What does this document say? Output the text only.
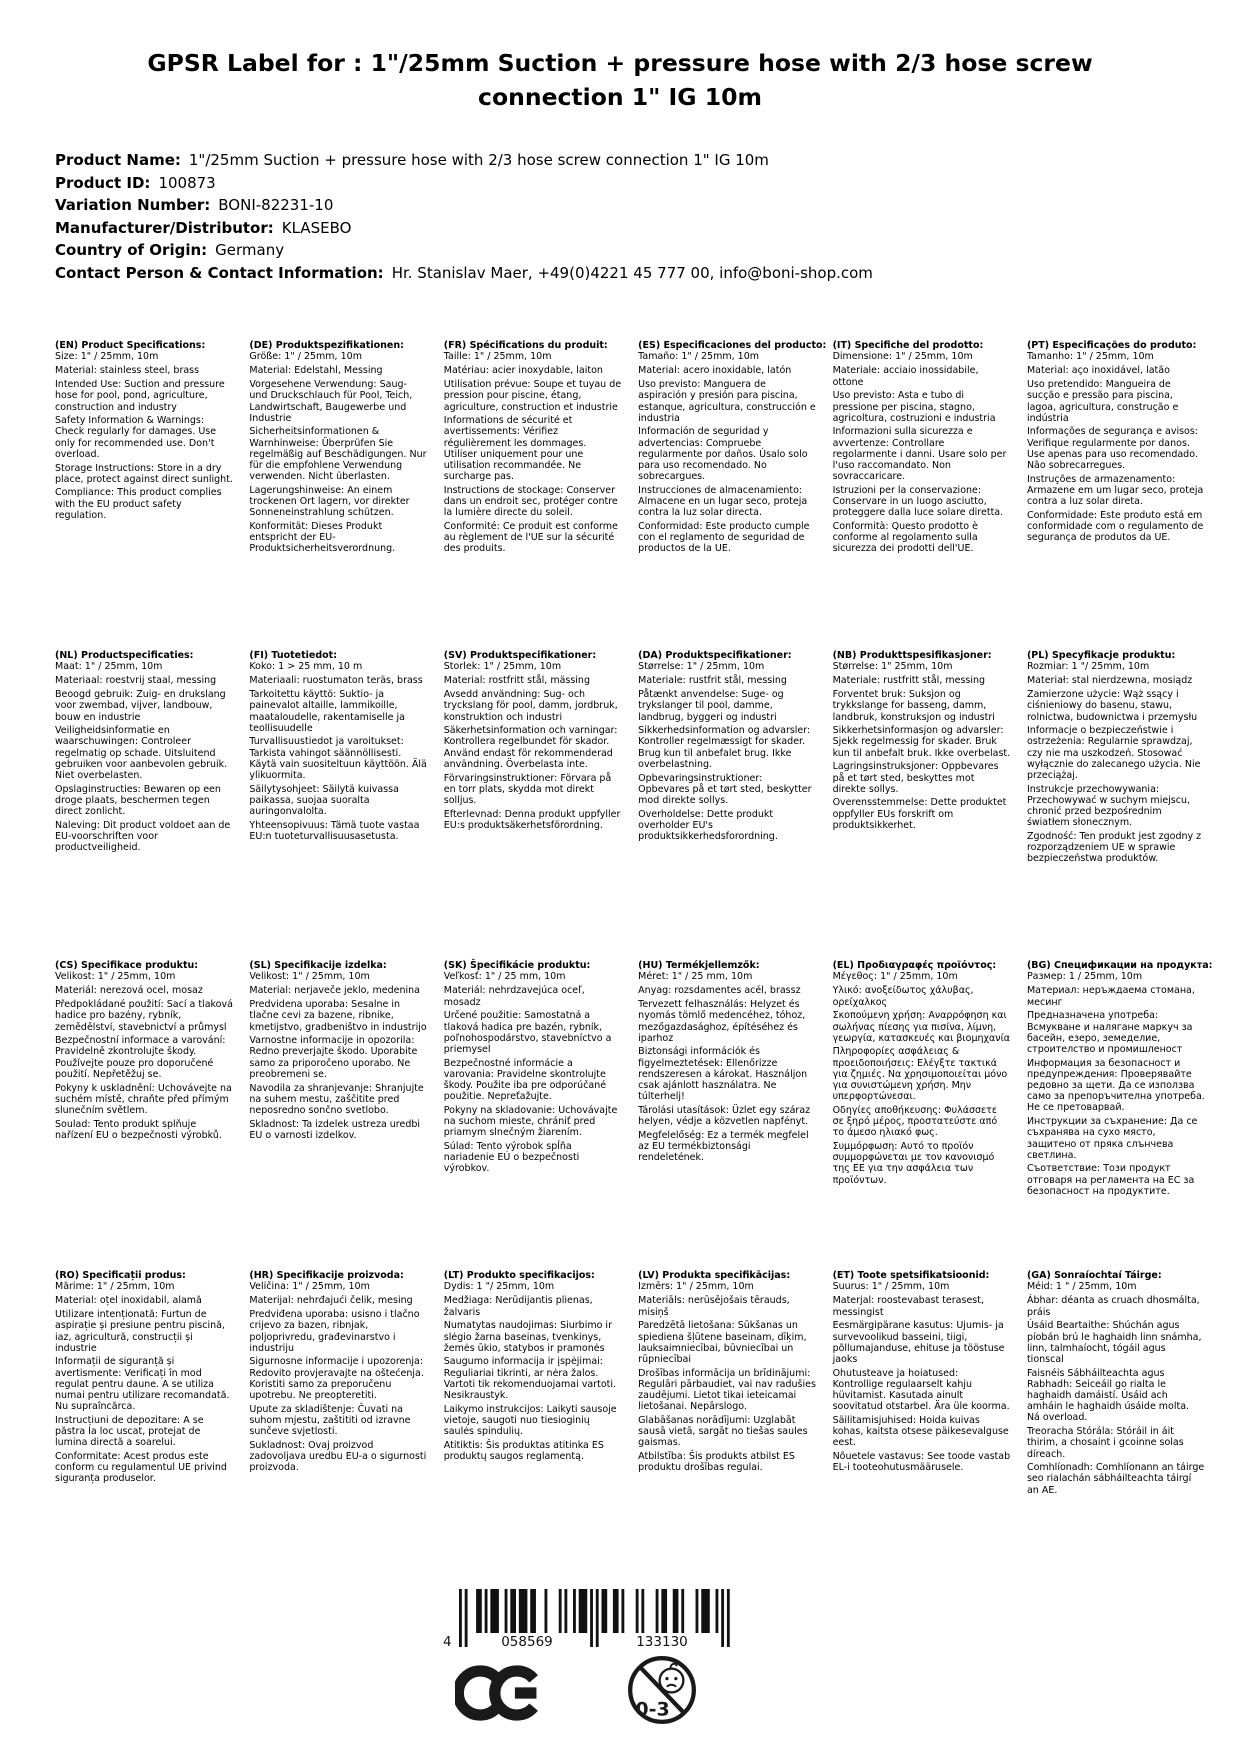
GPSR Label for : 1"/25mm Suction + pressure hose with 2/3 hose screw connection 1" IG 10m
Product Name: 1"/25mm Suction + pressure hose with 2/3 hose screw connection 1" IG 10m
Product ID: 100873
Variation Number: BONI-82231-10
Manufacturer/Distributor: KLASEBO
Country of Origin: Germany
Contact Person & Contact Information: Hr. Stanislav Maer, +49(0)4221 45 777 00, info@boni-shop.com
(EN) Product Specifications:

Size: 1" / 25mm, 10m

Material: stainless steel, brass

Intended Use: Suction and pressure hose for pool, pond, agriculture, construction and industry

Safety Information & Warnings: Check regularly for damages. Use only for recommended use. Don't overload.

Storage Instructions: Store in a dry place, protect against direct sunlight.

Compliance: This product complies with the EU product safety regulation.

(DE) Produktspezifikationen:

Größe: 1" / 25mm, 10m

Material: Edelstahl, Messing

Vorgesehene Verwendung: Saug- und Druckschlauch für Pool, Teich, Landwirtschaft, Baugewerbe und Industrie

Sicherheitsinformationen & Warnhinweise: Überprüfen Sie regelmäßig auf Beschädigungen. Nur für die empfohlene Verwendung verwenden. Nicht überlasten.

Lagerungshinweise: An einem trockenen Ort lagern, vor direkter Sonneneinstrahlung schützen.

Konformität: Dieses Produkt entspricht der EU-Produktsicherheitsverordnung.

(FR) Spécifications du produit:

Taille: 1" / 25mm, 10m

Matériau: acier inoxydable, laiton

Utilisation prévue: Soupe et tuyau de pression pour piscine, étang, agriculture, construction et industrie

Informations de sécurité et avertissements: Vérifiez régulièrement les dommages. Utiliser uniquement pour une utilisation recommandée. Ne surcharge pas.

Instructions de stockage: Conserver dans un endroit sec, protéger contre la lumière directe du soleil.

Conformité: Ce produit est conforme au règlement de l'UE sur la sécurité des produits.

(ES) Especificaciones del producto:

Tamaño: 1" / 25mm, 10m

Material: acero inoxidable, latón

Uso previsto: Manguera de aspiración y presión para piscina, estanque, agricultura, construcción e industria

Información de seguridad y advertencias: Compruebe regularmente por daños. Úsalo solo para uso recomendado. No sobrecargues.

Instrucciones de almacenamiento: Almacene en un lugar seco, proteja contra la luz solar directa.

Conformidad: Este producto cumple con el reglamento de seguridad de productos de la UE.

(IT) Specifiche del prodotto:

Dimensione: 1" / 25mm, 10m

Materiale: acciaio inossidabile, ottone

Uso previsto: Asta e tubo di pressione per piscina, stagno, agricoltura, costruzioni e industria

Informazioni sulla sicurezza e avvertenze: Controllare regolarmente i danni. Usare solo per l'uso raccomandato. Non sovraccaricare.

Istruzioni per la conservazione: Conservare in un luogo asciutto, proteggere dalla luce solare diretta.

Conformità: Questo prodotto è conforme al regolamento sulla sicurezza dei prodotti dell'UE.

(PT) Especificações do produto:

Tamanho: 1" / 25mm, 10m

Material: aço inoxidável, latão

Uso pretendido: Mangueira de sucção e pressão para piscina, lagoa, agricultura, construção e indústria

Informações de segurança e avisos: Verifique regularmente por danos. Use apenas para uso recomendado. Não sobrecarregues.

Instruções de armazenamento: Armazene em um lugar seco, proteja contra a luz solar direta.

Conformidade: Este produto está em conformidade com o regulamento de segurança de produtos da UE.

(NL) Productspecificaties:

Maat: 1" / 25mm, 10m

Materiaal: roestvrij staal, messing

Beoogd gebruik: Zuig- en drukslang voor zwembad, vijver, landbouw, bouw en industrie

Veiligheidsinformatie en waarschuwingen: Controleer regelmatig op schade. Uitsluitend gebruiken voor aanbevolen gebruik. Niet overbelasten.

Opslaginstructies: Bewaren op een droge plaats, beschermen tegen direct zonlicht.

Naleving: Dit product voldoet aan de EU-voorschriften voor productveiligheid.

(FI) Tuotetiedot:

Koko: 1 > 25 mm, 10 m

Materiaali: ruostumaton teräs, brass

Tarkoitettu käyttö: Suktio- ja painevalot altaille, lammikoille, maataloudelle, rakentamiselle ja teollisuudelle

Turvallisuustiedot ja varoitukset: Tarkista vahingot säännöllisesti. Käytä vain suositeltuun käyttöön. Älä ylikuormita.

Säilytysohjeet: Säilytä kuivassa paikassa, suojaa suoralta auringonvalolta.

Yhteensopivuus: Tämä tuote vastaa EU:n tuoteturvallisuusasetusta.

(SV) Produktspecifikationer:

Storlek: 1" / 25mm, 10m

Material: rostfritt stål, mässing

Avsedd användning: Sug- och tryckslang för pool, damm, jordbruk, konstruktion och industri

Säkerhetsinformation och varningar: Kontrollera regelbundet för skador. Använd endast för rekommenderad användning. Överbelasta inte.

Förvaringsinstruktioner: Förvara på en torr plats, skydda mot direkt solljus.

Efterlevnad: Denna produkt uppfyller EU:s produktsäkerhetsförordning.

(DA) Produktspecifikationer:

Størrelse: 1" / 25mm, 10m

Materiale: rustfrit stål, messing

Påtænkt anvendelse: Suge- og trykslanger til pool, damme, landbrug, byggeri og industri

Sikkerhedsinformation og advarsler: Kontroller regelmæssigt for skader. Brug kun til anbefalet brug. Ikke overbelastning.

Opbevaringsinstruktioner: Opbevares på et tørt sted, beskytter mod direkte sollys.

Overholdelse: Dette produkt overholder EU's produktsikkerhedsforordning.

(NB) Produkttspesifikasjoner:

Størrelse: 1" 25mm, 10m

Materiale: rustfritt stål, messing

Forventet bruk: Suksjon og trykkslange for basseng, damm, landbruk, konstruksjon og industri

Sikkerhetsinformasjon og advarsler: Sjekk regelmessig for skader. Bruk kun til anbefalt bruk. Ikke overbelast.

Lagringsinstruksjoner: Oppbevares på et tørt sted, beskyttes mot direkte sollys.

Overensstemmelse: Dette produktet oppfyller EUs forskrift om produktsikkerhet.

(PL) Specyfikacje produktu:

Rozmiar: 1 "/ 25mm, 10m

Materiał: stal nierdzewna, mosiądz

Zamierzone użycie: Wąż ssący i ciśnieniowy do basenu, stawu, rolnictwa, budownictwa i przemysłu

Informacje o bezpieczeństwie i ostrzeżenia: Regularnie sprawdzaj, czy nie ma uszkodzeń. Stosować wyłącznie do zalecanego użycia. Nie przeciążaj.

Instrukcje przechowywania: Przechowywać w suchym miejscu, chronić przed bezpośrednim światłem słonecznym.

Zgodność: Ten produkt jest zgodny z rozporządzeniem UE w sprawie bezpieczeństwa produktów.

(CS) Specifikace produktu:

Velikost: 1" / 25mm, 10m

Materiál: nerezová ocel, mosaz

Předpokládané použití: Sací a tlaková hadice pro bazény, rybník, zemědělství, stavebnictví a průmysl

Bezpečnostní informace a varování: Pravidelně zkontrolujte škody. Používejte pouze pro doporučené použití. Nepřetěžuj se.

Pokyny k uskladnění: Uchovávejte na suchém místě, chraňte před přímým slunečním světlem.

Soulad: Tento produkt splňuje nařízení EU o bezpečnosti výrobků.

(SL) Specifikacije izdelka:

Velikost: 1" / 25mm, 10m

Material: nerjaveče jeklo, medenina

Predvidena uporaba: Sesalne in tlačne cevi za bazene, ribnike, kmetijstvo, gradbeništvo in industrijo

Varnostne informacije in opozorila: Redno preverjajte škodo. Uporabite samo za priporočeno uporabo. Ne preobremeni se.

Navodila za shranjevanje: Shranjujte na suhem mestu, zaščitite pred neposredno sončno svetlobo.

Skladnost: Ta izdelek ustreza uredbi EU o varnosti izdelkov.

(SK) Špecifikácie produktu:

Veľkosť: 1" / 25 mm, 10m

Materiál: nehrdzavejúca oceľ, mosadz

Určené použitie: Samostatná a tlaková hadica pre bazén, rybník, poľnohospodárstvo, stavebníctvo a priemysel

Bezpečnostné informácie a varovania: Pravidelne skontrolujte škody. Použite iba pre odporúčané použitie. Nepreťažujte.

Pokyny na skladovanie: Uchovávajte na suchom mieste, chrániť pred priamym slnečným žiarením.

Súlad: Tento výrobok spĺňa nariadenie EÚ o bezpečnosti výrobkov.

(HU) Termékjellemzők:

Méret: 1" / 25 mm, 10m

Anyag: rozsdamentes acél, brassz

Tervezett felhasználás: Helyzet és nyomás tömlő medencéhez, tóhoz, mezőgazdasághoz, építéséhez és iparhoz

Biztonsági információk és figyelmeztetések: Ellenőrizze rendszeresen a károkat. Használjon csak ajánlott használatra. Ne túlterhelj!

Tárolási utasítások: Üzlet egy száraz helyen, védje a közvetlen napfényt.

Megfelelőség: Ez a termék megfelel az EU termékbiztonsági rendeletének.

(EL) Προδιαγραφές προϊόντος:

Μέγεθος: 1" / 25mm, 10m

Υλικό: ανοξείδωτος χάλυβας, ορείχαλκος

Σκοπούμενη χρήση: Αναρρόφηση και σωλήνας πίεσης για πισίνα, λίμνη, γεωργία, κατασκευές και βιομηχανία

Πληροφορίες ασφάλειας & προειδοποιήσεις: Ελέγξτε τακτικά για ζημιές. Να χρησιμοποιείται μόνο για συνιστώμενη χρήση. Μην υπερφορτώνεσαι.

Οδηγίες αποθήκευσης: Φυλάσσετε σε ξηρό μέρος, προστατεύστε από το άμεσο ηλιακό φως.

Συμμόρφωση: Αυτό το προϊόν συμμορφώνεται με τον κανονισμό της ΕΕ για την ασφάλεια των προϊόντων.

(BG) Спецификации на продукта:

Размер: 1 / 25mm, 10m

Материал: неръждаема стомана, месинг

Предназначена употреба: Всмукване и налягане маркуч за басейн, езеро, земеделие, строителство и промишленост

Информация за безопасност и предупреждения: Проверявайте редовно за щети. Да се използва само за препоръчителна употреба. Не се претоварвай.

Инструкции за съхранение: Да се съхранява на сухо място, защитено от пряка слънчева светлина.

Съответствие: Този продукт отговаря на регламента на ЕС за безопасност на продуктите.

(RO) Specificații produs:

Mărime: 1" / 25mm, 10m

Material: oțel inoxidabil, alamă

Utilizare intenționată: Furtun de aspirație și presiune pentru piscină, iaz, agricultură, construcții și industrie

Informații de siguranță și avertismente: Verificați în mod regulat pentru daune. A se utiliza numai pentru utilizare recomandată. Nu supraîncărca.

Instrucțiuni de depozitare: A se păstra la loc uscat, protejat de lumina directă a soarelui.

Conformitate: Acest produs este conform cu regulamentul UE privind siguranța produselor.

(HR) Specifikacije proizvoda:

Veličina: 1" / 25mm, 10m

Materijal: nehrđajući čelik, mesing

Predviđena uporaba: usisno i tlačno crijevo za bazen, ribnjak, poljoprivredu, građevinarstvo i industriju

Sigurnosne informacije i upozorenja: Redovito provjeravajte na oštećenja. Koristiti samo za preporučenu upotrebu. Ne preopteretiti.

Upute za skladištenje: Čuvati na suhom mjestu, zaštititi od izravne sunčeve svjetlosti.

Sukladnost: Ovaj proizvod zadovoljava uredbu EU-a o sigurnosti proizvoda.

(LT) Produkto specifikacijos:

Dydis: 1 "/ 25mm, 10m

Medžiaga: Nerūdijantis plienas, žalvaris

Numatytas naudojimas: Siurbimo ir slėgio žarna baseinas, tvenkinys, žemės ūkio, statybos ir pramonės

Saugumo informacija ir įspėjimai: Reguliariai tikrinti, ar nėra žalos. Vartoti tik rekomenduojamai vartoti. Nesikraustyk.

Laikymo instrukcijos: Laikyti sausoje vietoje, saugoti nuo tiesioginių saulės spindulių.

Atitiktis: Šis produktas atitinka ES produktų saugos reglamentą.

(LV) Produkta specifikācijas:

Izmērs: 1" / 25mm, 10m

Materiāls: nerūsējošais tērauds, misiņš

Paredzētā lietošana: Sūkšanas un spiediena šļūtene baseinam, dīķim, lauksaimniecībai, būvniecībai un rūpniecībai

Drošības informācija un brīdinājumi: Regulāri pārbaudiet, vai nav radušies zaudējumi. Lietot tikai ieteicamai lietošanai. Nepārslogo.

Glabāšanas norādījumi: Uzglabāt sausā vietā, sargāt no tiešas saules gaismas.

Atbilstība: Šis produkts atbilst ES produktu drošības regulai.

(ET) Toote spetsifikatsioonid:

Suurus: 1" / 25mm, 10m

Materjal: roostevabast terasest, messingist

Eesmärgipärane kasutus: Ujumis- ja survevoolikud basseini, tiigi, põllumajanduse, ehituse ja tööstuse jaoks

Ohutusteave ja hoiatused: Kontrollige regulaarselt kahju hüvitamist. Kasutada ainult soovitatud otstarbel. Ära üle koorma.

Säilitamisjuhised: Hoida kuivas kohas, kaitsta otsese päikesevalguse eest.

Nõuetele vastavus: See toode vastab EL-i tooteohutusmäärusele.

(GA) Sonraíochtaí Táirge:

Méid: 1 " / 25mm, 10m

Ábhar: déanta as cruach dhosmálta, práis

Úsáid Beartaithe: Shúchán agus píobán brú le haghaidh linn snámha, linn, talmhaíocht, tógáil agus tionscal

Faisnéis Sábháilteachta agus Rabhadh: Seiceáil go rialta le haghaidh damáistí. Úsáid ach amháin le haghaidh úsáide molta. Ná overload.

Treoracha Stórála: Stóráil in áit thirim, a chosaint i gcoinne solas díreach.

Comhlíonadh: Comhlíonann an táirge seo rialachán sábháilteachta táirgí an AE.

4	058569	133130
0-3
